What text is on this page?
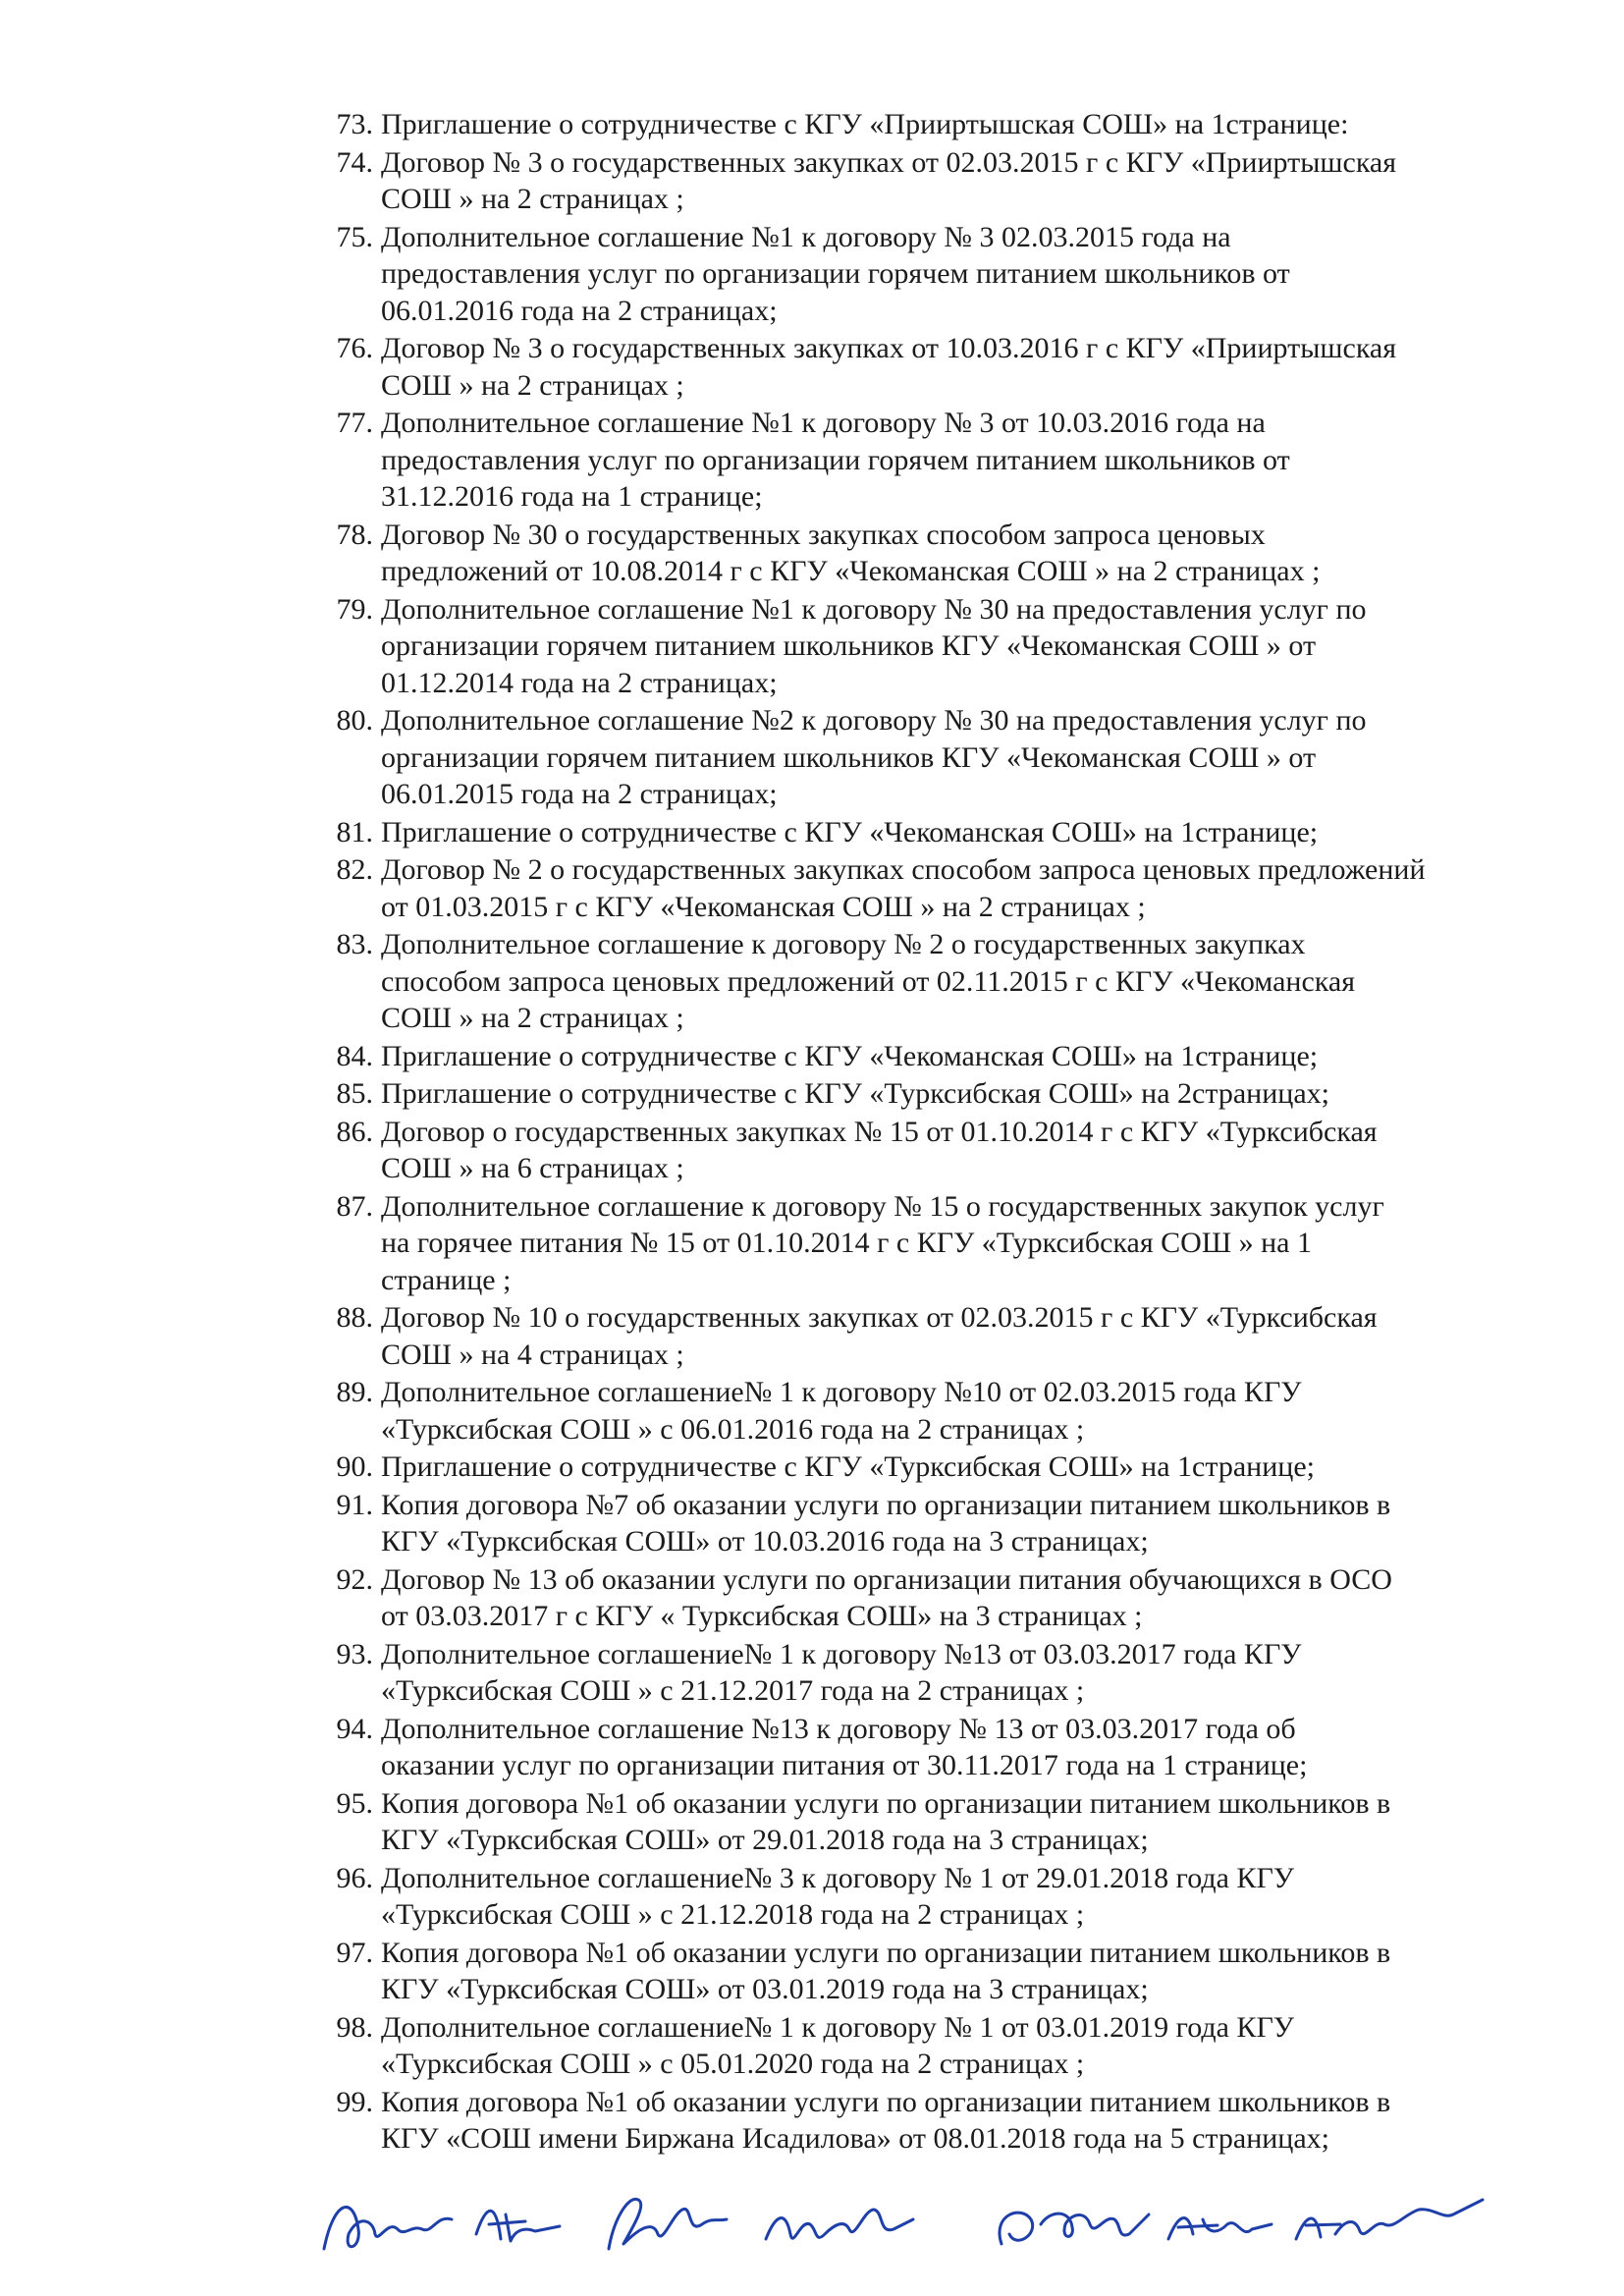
73. Приглашение о сотрудничестве с КГУ «Прииртышская СОШ» на 1странице:
74. Договор № 3 о государственных закупках от 02.03.2015 г с КГУ «Прииртышская
СОШ » на 2 страницах ;
75. Дополнительное соглашение №1 к договору № 3 02.03.2015 года на
предоставления услуг по организации горячем питанием школьников от
06.01.2016 года на 2 страницах;
76. Договор № 3 о государственных закупках от 10.03.2016 г с КГУ «Прииртышская
СОШ » на 2 страницах ;
77. Дополнительное соглашение №1 к договору № 3 от 10.03.2016 года на
предоставления услуг по организации горячем питанием школьников от
31.12.2016 года на 1 странице;
78. Договор № 30 о государственных закупках способом запроса ценовых
предложений от 10.08.2014 г с КГУ «Чекоманская СОШ » на 2 страницах ;
79. Дополнительное соглашение №1 к договору № 30 на предоставления услуг по
организации горячем питанием школьников КГУ «Чекоманская СОШ » от
01.12.2014 года на 2 страницах;
80. Дополнительное соглашение №2 к договору № 30 на предоставления услуг по
организации горячем питанием школьников КГУ «Чекоманская СОШ » от
06.01.2015 года на 2 страницах;
81. Приглашение о сотрудничестве с КГУ «Чекоманская СОШ» на 1странице;
82. Договор № 2 о государственных закупках способом запроса ценовых предложений
от 01.03.2015 г с КГУ «Чекоманская СОШ » на 2 страницах ;
83. Дополнительное соглашение к договору № 2 о государственных закупках
способом запроса ценовых предложений от 02.11.2015 г с КГУ «Чекоманская
СОШ » на 2 страницах ;
84. Приглашение о сотрудничестве с КГУ «Чекоманская СОШ» на 1странице;
85. Приглашение о сотрудничестве с КГУ «Турксибская СОШ» на 2страницах;
86. Договор о государственных закупках № 15 от 01.10.2014 г с КГУ «Турксибская
СОШ » на 6 страницах ;
87. Дополнительное соглашение к договору № 15 о государственных закупок услуг
на горячее питания № 15 от 01.10.2014 г с КГУ «Турксибская СОШ » на 1
странице ;
88. Договор № 10 о государственных закупках от 02.03.2015 г с КГУ «Турксибская
СОШ » на 4 страницах ;
89. Дополнительное соглашение№ 1 к договору №10 от 02.03.2015 года КГУ
«Турксибская СОШ » с 06.01.2016 года на 2 страницах ;
90. Приглашение о сотрудничестве с КГУ «Турксибская СОШ» на 1странице;
91. Копия договора №7 об оказании услуги по организации питанием школьников в
КГУ «Турксибская СОШ» от 10.03.2016 года на 3 страницах;
92. Договор № 13 об оказании услуги по организации питания обучающихся в ОСО
от 03.03.2017 г с КГУ « Турксибская СОШ» на 3 страницах ;
93. Дополнительное соглашение№ 1 к договору №13 от 03.03.2017 года КГУ
«Турксибская СОШ » с 21.12.2017 года на 2 страницах ;
94. Дополнительное соглашение №13 к договору № 13 от 03.03.2017 года об
оказании услуг по организации питания от 30.11.2017 года на 1 странице;
95. Копия договора №1 об оказании услуги по организации питанием школьников в
КГУ «Турксибская СОШ» от 29.01.2018 года на 3 страницах;
96. Дополнительное соглашение№ 3 к договору № 1 от 29.01.2018 года КГУ
«Турксибская СОШ » с 21.12.2018 года на 2 страницах ;
97. Копия договора №1 об оказании услуги по организации питанием школьников в
КГУ «Турксибская СОШ» от 03.01.2019 года на 3 страницах;
98. Дополнительное соглашение№ 1 к договору № 1 от 03.01.2019 года КГУ
«Турксибская СОШ » с 05.01.2020 года на 2 страницах ;
99. Копия договора №1 об оказании услуги по организации питанием школьников в
КГУ «СОШ имени Биржана Исадилова» от 08.01.2018 года на 5 страницах;
